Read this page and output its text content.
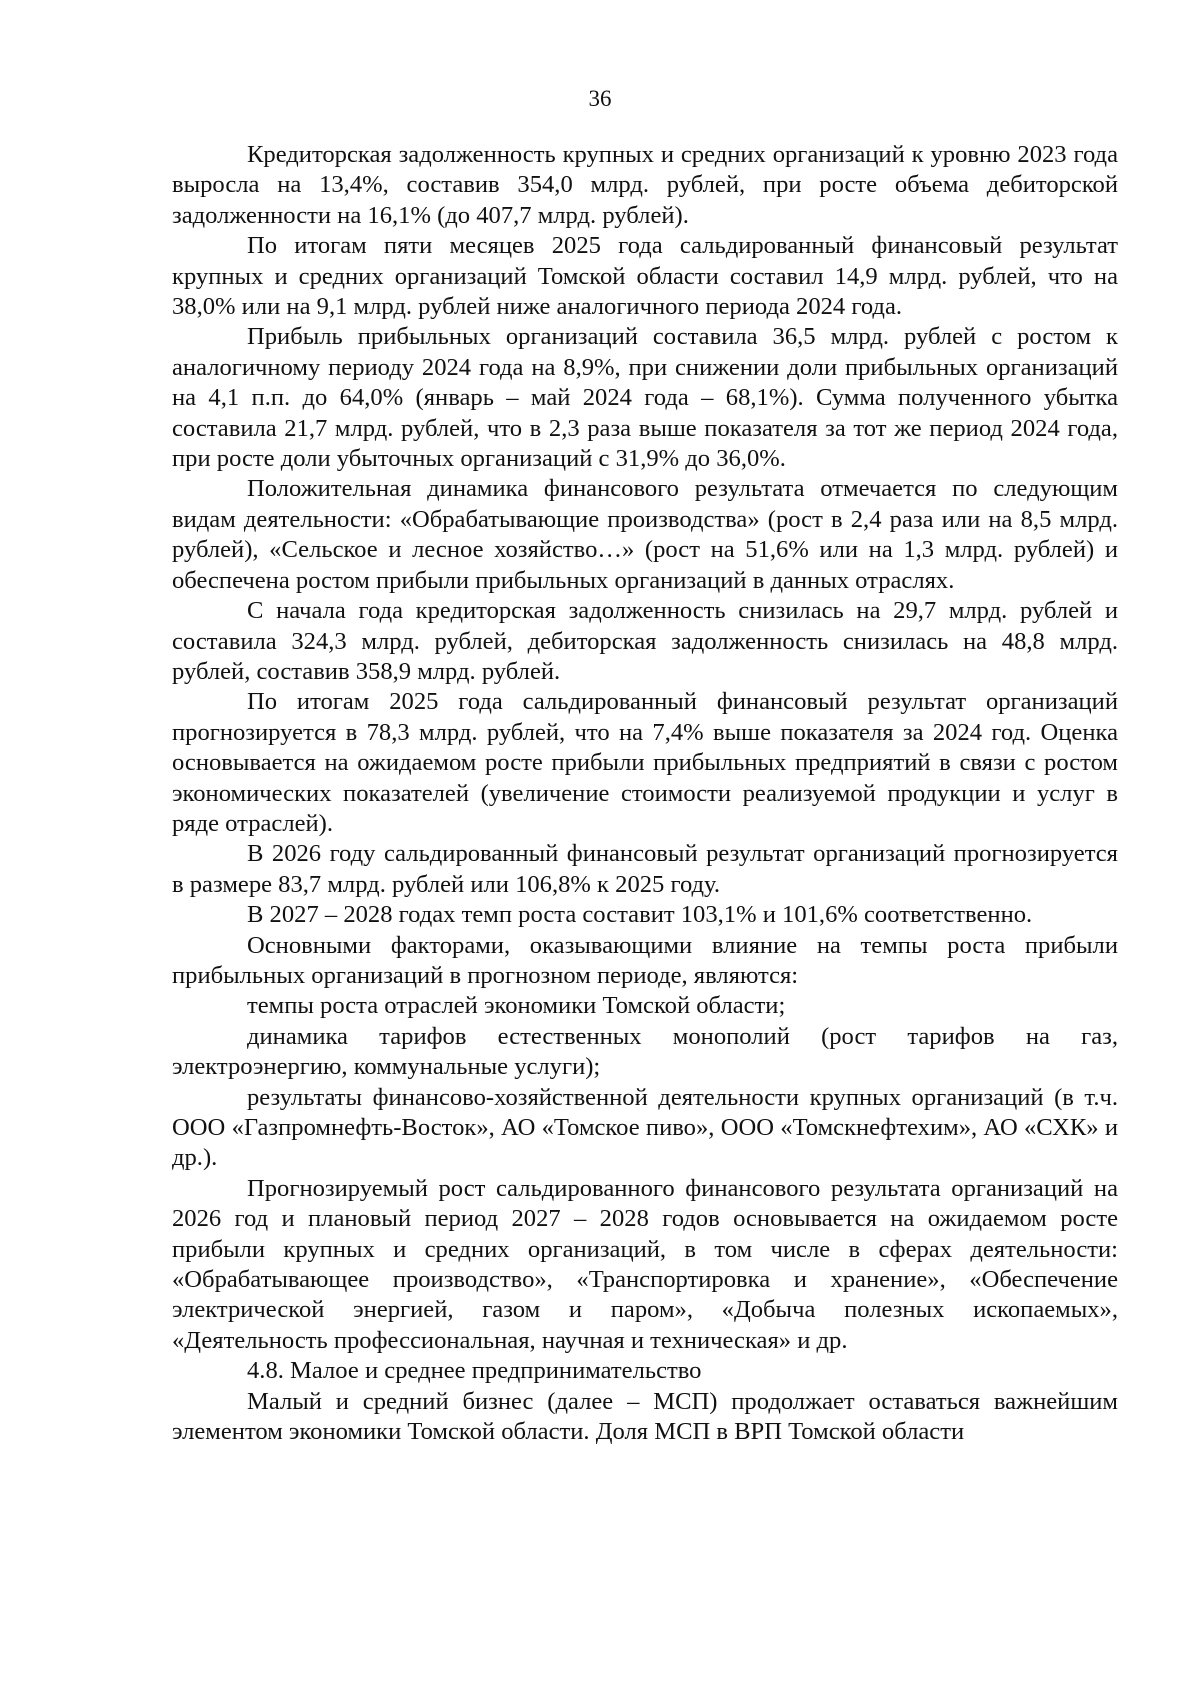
36

Кредиторская задолженность крупных и средних организаций к уровню 2023 года выросла на 13,4%, составив 354,0 млрд. рублей, при росте объема дебиторской задолженности на 16,1% (до 407,7 млрд. рублей).

По итогам пяти месяцев 2025 года сальдированный финансовый результат крупных и средних организаций Томской области составил 14,9 млрд. рублей, что на 38,0% или на 9,1 млрд. рублей ниже аналогичного периода 2024 года.

Прибыль прибыльных организаций составила 36,5 млрд. рублей с ростом к аналогичному периоду 2024 года на 8,9%, при снижении доли прибыльных организаций на 4,1 п.п. до 64,0% (январь – май 2024 года – 68,1%). Сумма полученного убытка составила 21,7 млрд. рублей, что в 2,3 раза выше показателя за тот же период 2024 года, при росте доли убыточных организаций с 31,9% до 36,0%.

Положительная динамика финансового результата отмечается по следующим видам деятельности: «Обрабатывающие производства» (рост в 2,4 раза или на 8,5 млрд. рублей), «Сельское и лесное хозяйство…» (рост на 51,6% или на 1,3 млрд. рублей) и обеспечена ростом прибыли прибыльных организаций в данных отраслях.

С начала года кредиторская задолженность снизилась на 29,7 млрд. рублей и составила 324,3 млрд. рублей, дебиторская задолженность снизилась на 48,8 млрд. рублей, составив 358,9 млрд. рублей.

По итогам 2025 года сальдированный финансовый результат организаций прогнозируется в 78,3 млрд. рублей, что на 7,4% выше показателя за 2024 год. Оценка основывается на ожидаемом росте прибыли прибыльных предприятий в связи с ростом экономических показателей (увеличение стоимости реализуемой продукции и услуг в ряде отраслей).

В 2026 году сальдированный финансовый результат организаций прогнозируется в размере 83,7 млрд. рублей или 106,8% к 2025 году.

В 2027 – 2028 годах темп роста составит 103,1% и 101,6% соответственно.

Основными факторами, оказывающими влияние на темпы роста прибыли прибыльных организаций в прогнозном периоде, являются:

темпы роста отраслей экономики Томской области;

динамика тарифов естественных монополий (рост тарифов на газ, электроэнергию, коммунальные услуги);

результаты финансово-хозяйственной деятельности крупных организаций (в т.ч. ООО «Газпромнефть-Восток», АО «Томское пиво», ООО «Томскнефтехим», АО «СХК» и др.).

Прогнозируемый рост сальдированного финансового результата организаций на 2026 год и плановый период 2027 – 2028 годов основывается на ожидаемом росте прибыли крупных и средних организаций, в том числе в сферах деятельности: «Обрабатывающее производство», «Транспортировка и хранение», «Обеспечение электрической энергией, газом и паром», «Добыча полезных ископаемых», «Деятельность профессиональная, научная и техническая» и др.

4.8. Малое и среднее предпринимательство

Малый и средний бизнес (далее – МСП) продолжает оставаться важнейшим элементом экономики Томской области. Доля МСП в ВРП Томской области
